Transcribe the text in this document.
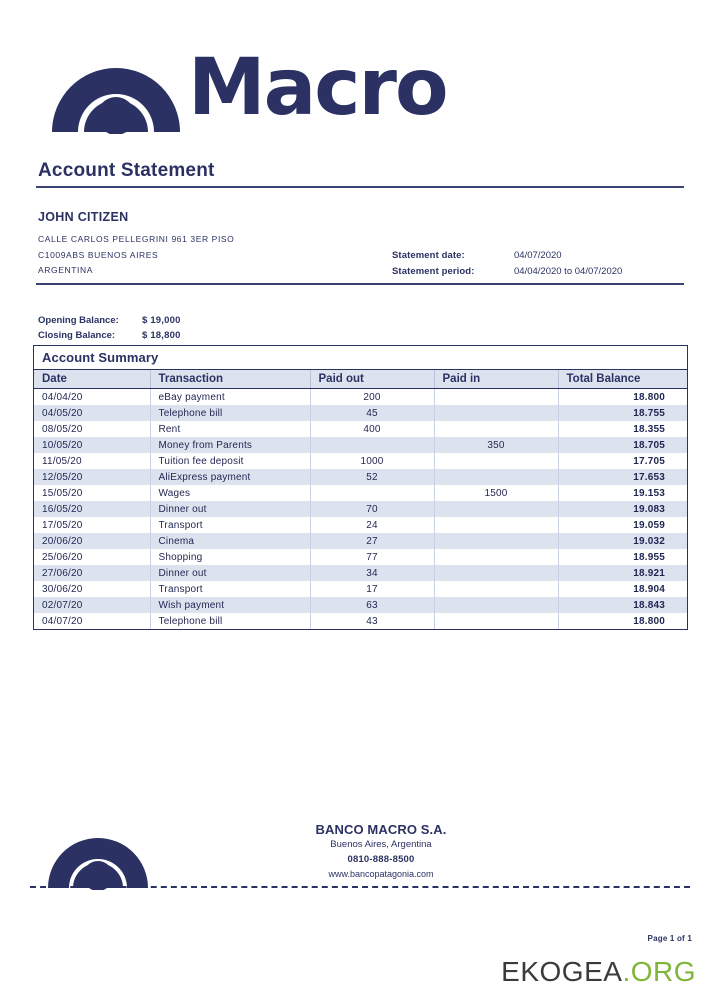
Macro
Account Statement
JOHN CITIZEN
CALLE CARLOS PELLEGRINI 961 3ER PISO
C1009ABS BUENOS AIRES
ARGENTINA
Statement date:	04/07/2020
Statement period:	04/04/2020 to 04/07/2020
Opening Balance:	$ 19,000
Closing Balance:	$ 18,800
Account Summary
Date	Transaction	Paid out	Paid in	Total Balance
04/04/20	eBay payment	200		18.800
04/05/20	Telephone bill	45		18.755
08/05/20	Rent	400		18.355
10/05/20	Money from Parents		350	18.705
11/05/20	Tuition fee deposit	1000		17.705
12/05/20	AliExpress payment	52		17.653
15/05/20	Wages		1500	19.153
16/05/20	Dinner out	70		19.083
17/05/20	Transport	24		19.059
20/06/20	Cinema	27		19.032
25/06/20	Shopping	77		18.955
27/06/20	Dinner out	34		18.921
30/06/20	Transport	17		18.904
02/07/20	Wish payment	63		18.843
04/07/20	Telephone bill	43		18.800
BANCO MACRO S.A.
Buenos Aires, Argentina
0810-888-8500
www.bancopatagonia.com
Page 1 of 1
EKOGEA.ORG
